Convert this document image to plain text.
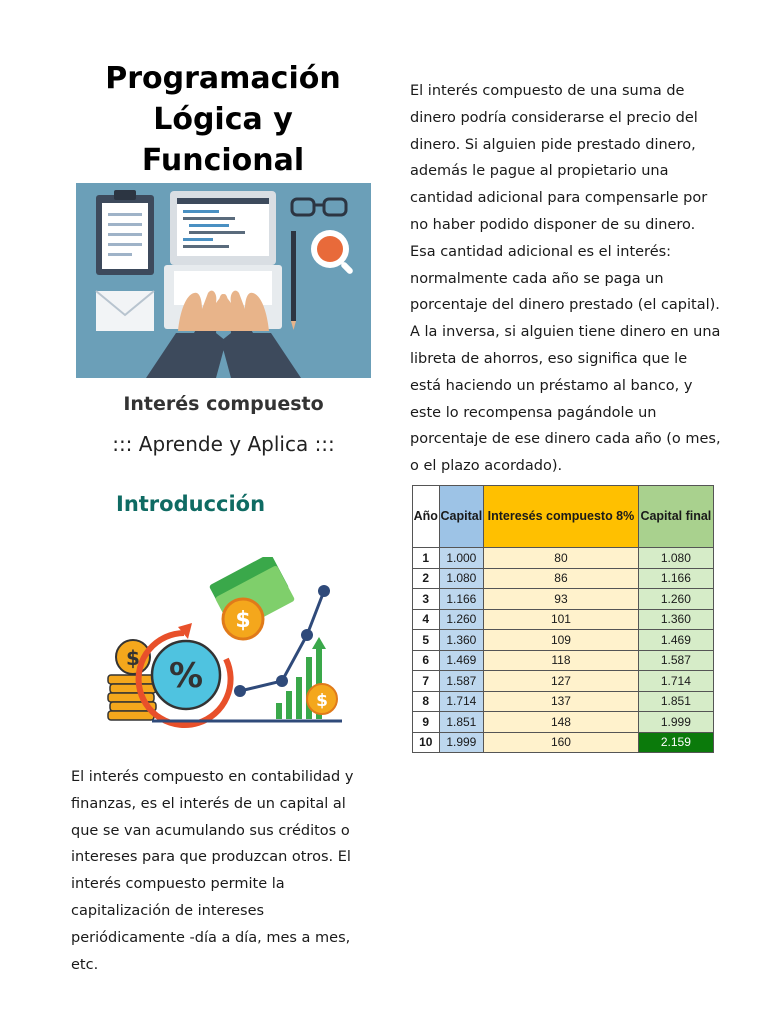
Programación Lógica y Funcional
Interés compuesto
::: Aprende y Aplica :::
Introducción
$
$ %
$
El interés compuesto en contabilidad y finanzas, es el interés de un capital al que se van acumulando sus créditos o intereses para que produzcan otros. El interés compuesto permite la capitalización de intereses periódicamente -día a día, mes a mes, etc.
El interés compuesto de una suma de dinero podría considerarse el precio del dinero. Si alguien pide prestado dinero, además le pague al propietario una cantidad adicional para compensarle por no haber podido disponer de su dinero. Esa cantidad adicional es el interés: normalmente cada año se paga un porcentaje del dinero prestado (el capital). A la inversa, si alguien tiene dinero en una libreta de ahorros, eso significa que le está haciendo un préstamo al banco, y este lo recompensa pagándole un porcentaje de ese dinero cada año (o mes, o el plazo acordado).
Año	Capital	Interesés compuesto 8%	Capital final
1	1.000	80	1.080
2	1.080	86	1.166
3	1.166	93	1.260
4	1.260	101	1.360
5	1.360	109	1.469
6	1.469	118	1.587
7	1.587	127	1.714
8	1.714	137	1.851
9	1.851	148	1.999
10	1.999	160	2.159
